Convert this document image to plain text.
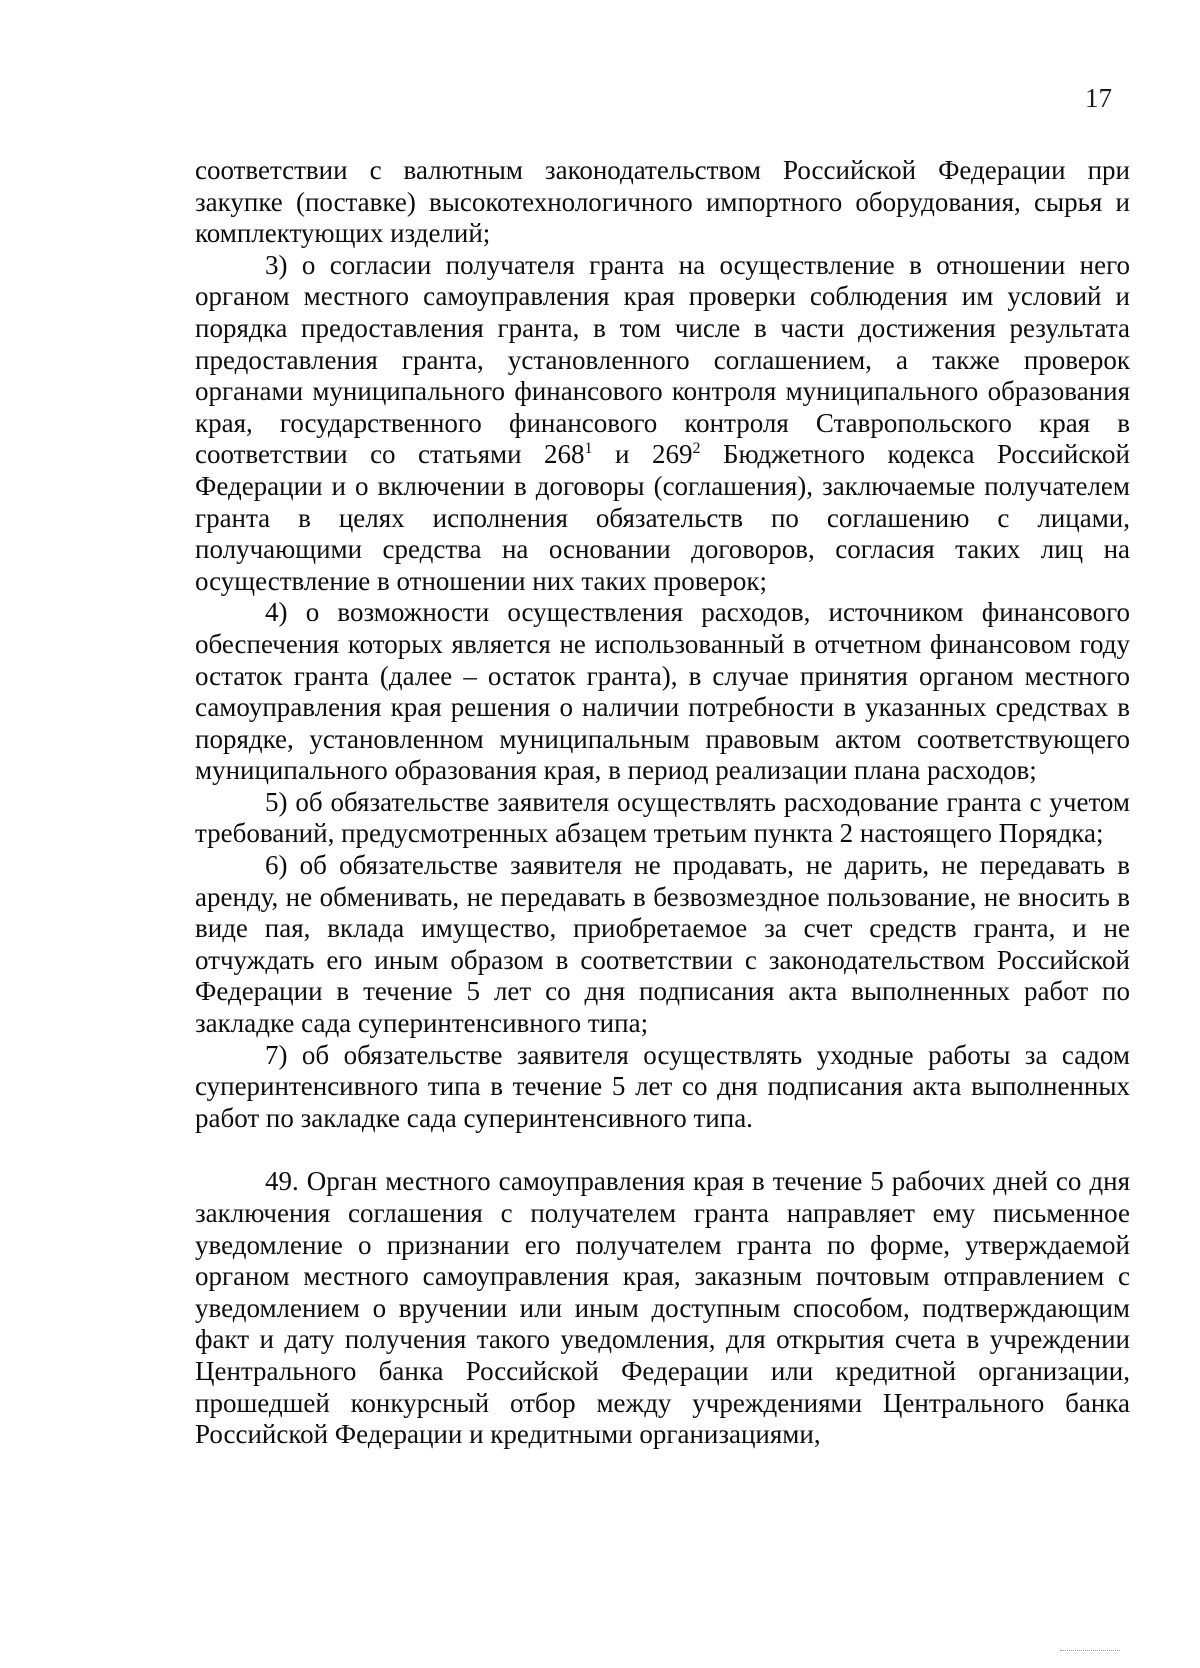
17

соответствии с валютным законодательством Российской Федерации при закупке (поставке) высокотехнологичного импортного оборудования, сырья и комплектующих изделий;

3) о согласии получателя гранта на осуществление в отношении него органом местного самоуправления края проверки соблюдения им условий и порядка предоставления гранта, в том числе в части достижения результата предоставления гранта, установленного соглашением, а также проверок органами муниципального финансового контроля муниципального образования края, государственного финансового контроля Ставропольского края в соответствии со статьями $268^1$ и $269^2$ Бюджетного кодекса Российской Федерации и о включении в договоры (соглашения), заключаемые получателем гранта в целях исполнения обязательств по соглашению с лицами, получающими средства на основании договоров, согласия таких лиц на осуществление в отношении них таких проверок;

4) о возможности осуществления расходов, источником финансового обеспечения которых является не использованный в отчетном финансовом году остаток гранта (далее – остаток гранта), в случае принятия органом местного самоуправления края решения о наличии потребности в указанных средствах в порядке, установленном муниципальным правовым актом соответствующего муниципального образования края, в период реализации плана расходов;

5) об обязательстве заявителя осуществлять расходование гранта с учетом требований, предусмотренных абзацем третьим пункта 2 настоящего Порядка;

6) об обязательстве заявителя не продавать, не дарить, не передавать в аренду, не обменивать, не передавать в безвозмездное пользование, не вносить в виде пая, вклада имущество, приобретаемое за счет средств гранта, и не отчуждать его иным образом в соответствии с законодательством Российской Федерации в течение 5 лет со дня подписания акта выполненных работ по закладке сада суперинтенсивного типа;

7) об обязательстве заявителя осуществлять уходные работы за садом суперинтенсивного типа в течение 5 лет со дня подписания акта выполненных работ по закладке сада суперинтенсивного типа.

49. Орган местного самоуправления края в течение 5 рабочих дней со дня заключения соглашения с получателем гранта направляет ему письменное уведомление о признании его получателем гранта по форме, утверждаемой органом местного самоуправления края, заказным почтовым отправлением с уведомлением о вручении или иным доступным способом, подтверждающим факт и дату получения такого уведомления, для открытия счета в учреждении Центрального банка Российской Федерации или кредитной организации, прошедшей конкурсный отбор между учреждениями Центрального банка Российской Федерации и кредитными организациями,
